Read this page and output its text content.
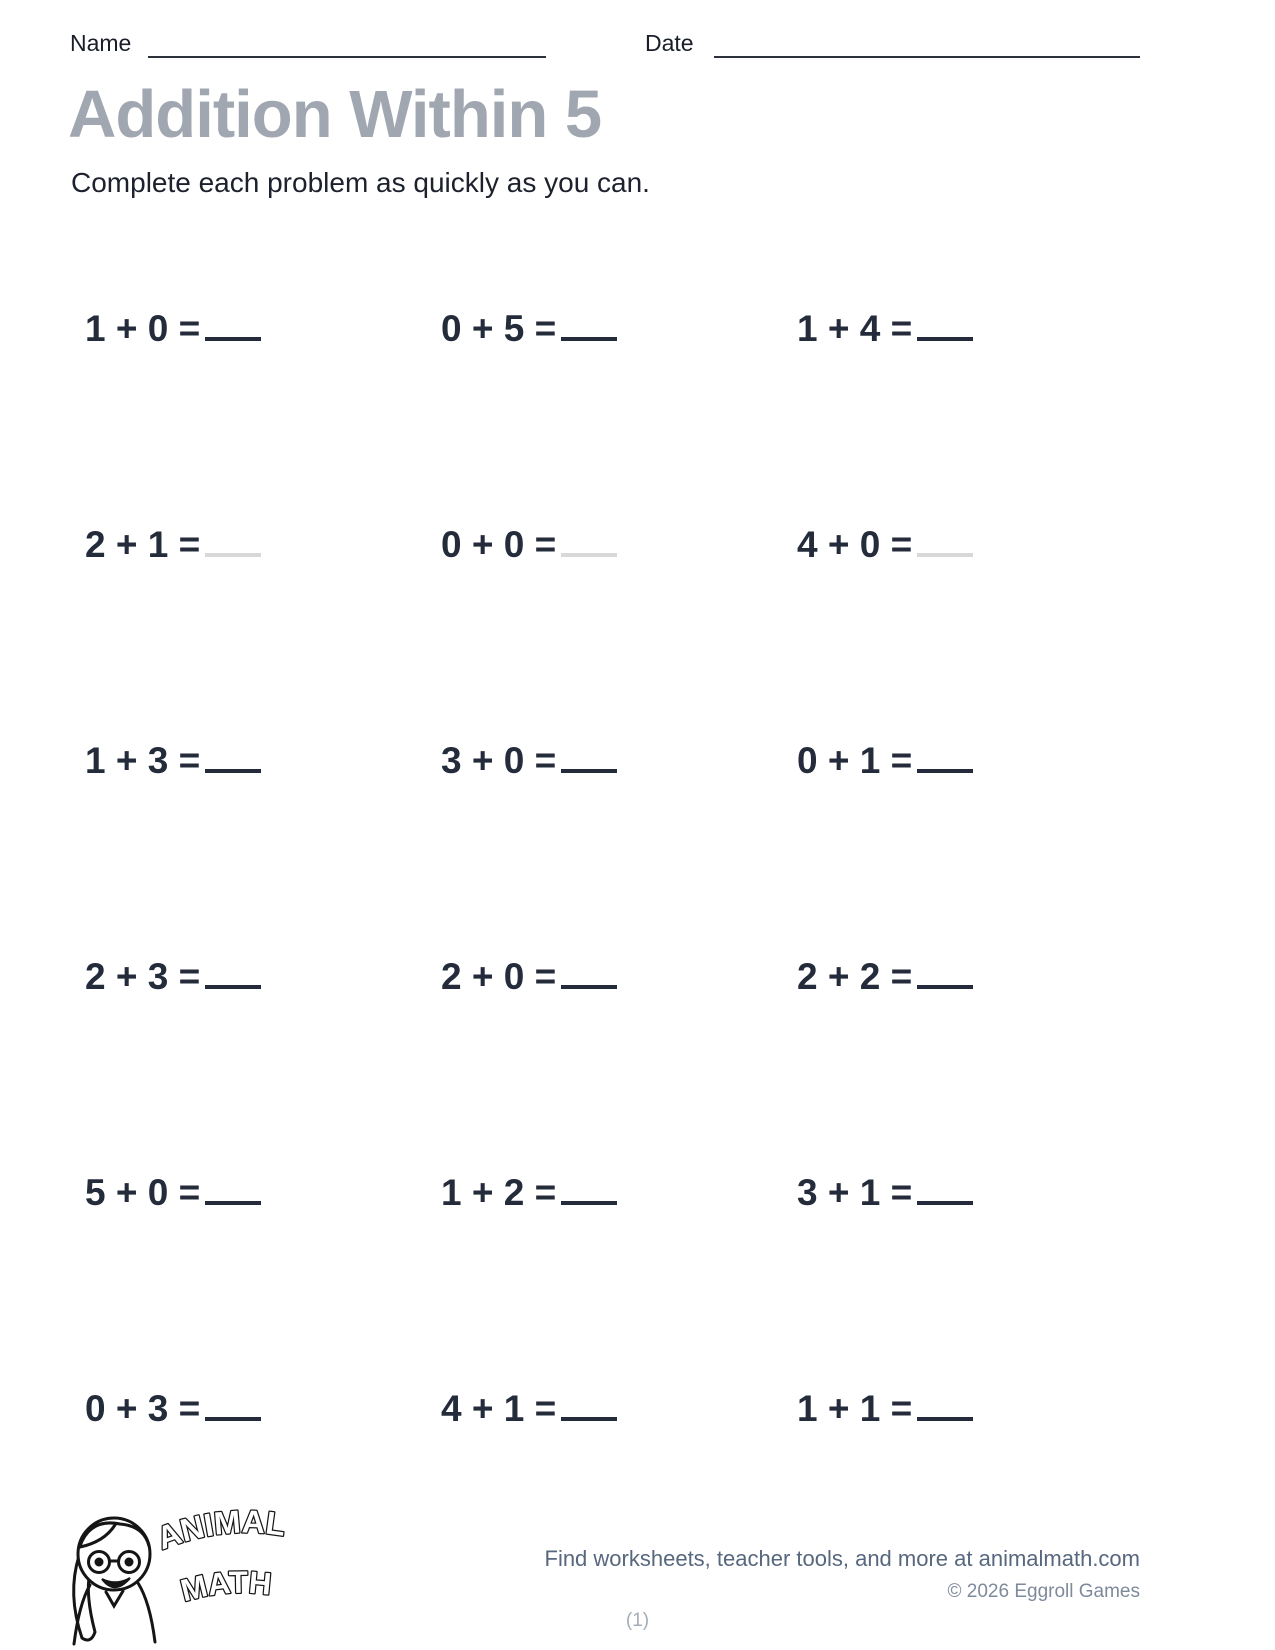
Name	Date
Addition Within 5
Complete each problem as quickly as you can.
1 + 0 =	0 + 5 =	1 + 4 =
2 + 1 =	0 + 0 =	4 + 0 =
1 + 3 =	3 + 0 =	0 + 1 =
2 + 3 =	2 + 0 =	2 + 2 =
5 + 0 =	1 + 2 =	3 + 1 =
0 + 3 =	4 + 1 =	1 + 1 =
ANIMAL
MATH
Find worksheets, teacher tools, and more at animalmath.com
© 2026 Eggroll Games
(1)
